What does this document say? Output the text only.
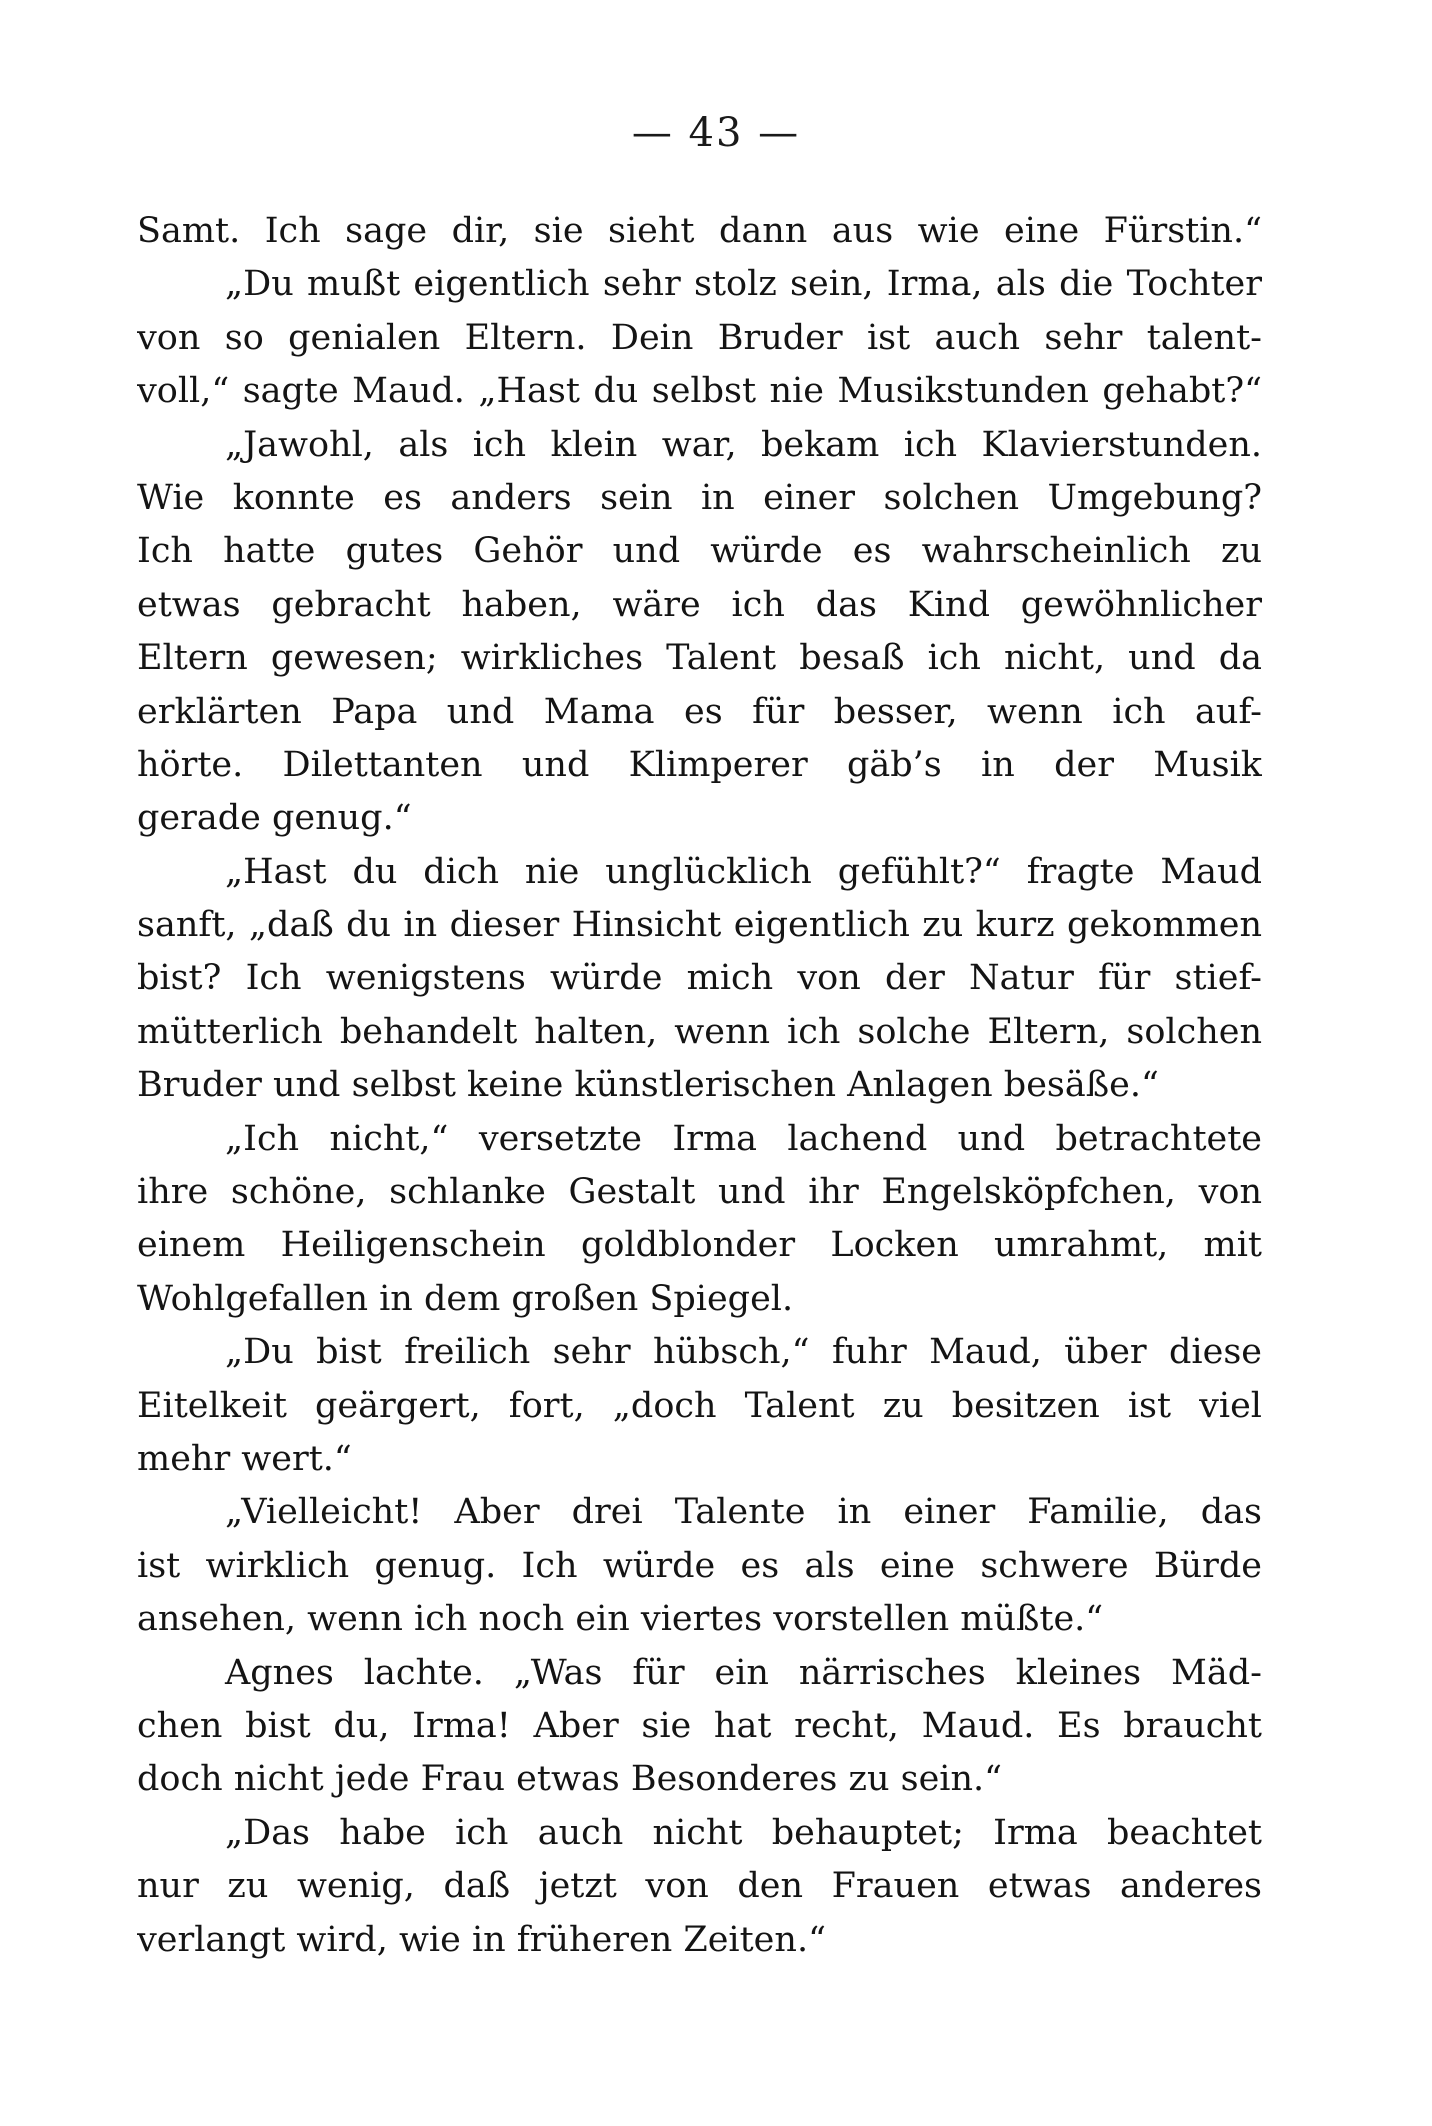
— 43 —
Samt. Ich sage dir, sie sieht dann aus wie eine Fürstin.“
„Du mußt eigentlich sehr stolz sein, Irma, als die Tochter
von so genialen Eltern. Dein Bruder ist auch sehr talent-
voll,“ sagte Maud. „Hast du selbst nie Musikstunden gehabt?“
„Jawohl, als ich klein war, bekam ich Klavierstunden.
Wie konnte es anders sein in einer solchen Umgebung?
Ich hatte gutes Gehör und würde es wahrscheinlich zu
etwas gebracht haben, wäre ich das Kind gewöhnlicher
Eltern gewesen; wirkliches Talent besaß ich nicht, und da
erklärten Papa und Mama es für besser, wenn ich auf-
hörte. Dilettanten und Klimperer gäb’s in der Musik
gerade genug.“
„Hast du dich nie unglücklich gefühlt?“ fragte Maud
sanft, „daß du in dieser Hinsicht eigentlich zu kurz gekommen
bist? Ich wenigstens würde mich von der Natur für stief-
mütterlich behandelt halten, wenn ich solche Eltern, solchen
Bruder und selbst keine künstlerischen Anlagen besäße.“
„Ich nicht,“ versetzte Irma lachend und betrachtete
ihre schöne, schlanke Gestalt und ihr Engelsköpfchen, von
einem Heiligenschein goldblonder Locken umrahmt, mit
Wohlgefallen in dem großen Spiegel.
„Du bist freilich sehr hübsch,“ fuhr Maud, über diese
Eitelkeit geärgert, fort, „doch Talent zu besitzen ist viel
mehr wert.“
„Vielleicht! Aber drei Talente in einer Familie, das
ist wirklich genug. Ich würde es als eine schwere Bürde
ansehen, wenn ich noch ein viertes vorstellen müßte.“
Agnes lachte. „Was für ein närrisches kleines Mäd-
chen bist du, Irma! Aber sie hat recht, Maud. Es braucht
doch nicht jede Frau etwas Besonderes zu sein.“
„Das habe ich auch nicht behauptet; Irma beachtet
nur zu wenig, daß jetzt von den Frauen etwas anderes
verlangt wird, wie in früheren Zeiten.“
